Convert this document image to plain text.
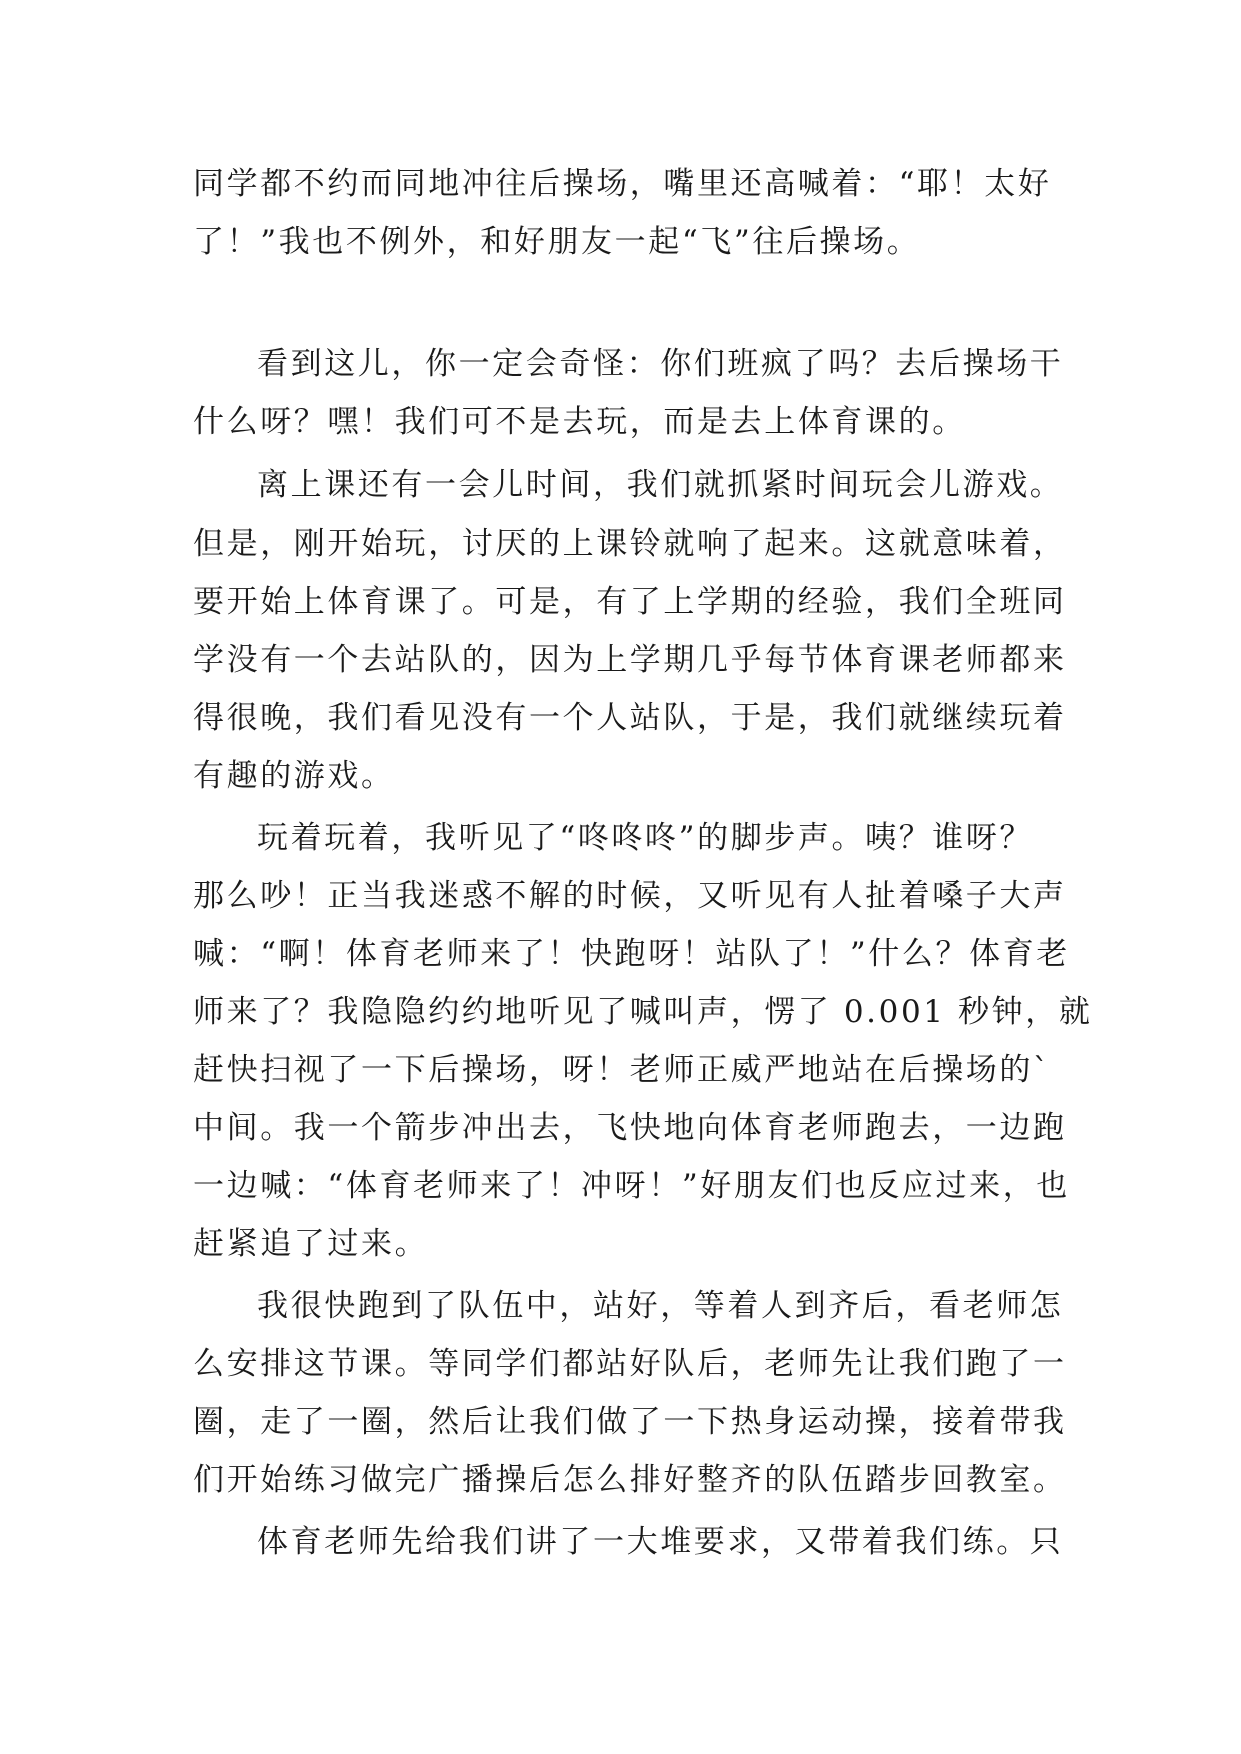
同学都不约而同地冲往后操场，嘴里还高喊着：“耶！太好
了！”我也不例外，和好朋友一起“飞”往后操场。
看到这儿，你一定会奇怪：你们班疯了吗？去后操场干
什么呀？嘿！我们可不是去玩，而是去上体育课的。
离上课还有一会儿时间，我们就抓紧时间玩会儿游戏。
但是，刚开始玩，讨厌的上课铃就响了起来。这就意味着，
要开始上体育课了。可是，有了上学期的经验，我们全班同
学没有一个去站队的，因为上学期几乎每节体育课老师都来
得很晚，我们看见没有一个人站队，于是，我们就继续玩着
有趣的游戏。
玩着玩着，我听见了“咚咚咚”的脚步声。咦？谁呀？
那么吵！正当我迷惑不解的时候，又听见有人扯着嗓子大声
喊：“啊！体育老师来了！快跑呀！站队了！”什么？体育老
师来了？我隐隐约约地听见了喊叫声，愣了 0.001 秒钟，就
赶快扫视了一下后操场，呀！老师正威严地站在后操场的`
中间。我一个箭步冲出去，飞快地向体育老师跑去，一边跑
一边喊：“体育老师来了！冲呀！”好朋友们也反应过来，也
赶紧追了过来。
我很快跑到了队伍中，站好，等着人到齐后，看老师怎
么安排这节课。等同学们都站好队后，老师先让我们跑了一
圈，走了一圈，然后让我们做了一下热身运动操，接着带我
们开始练习做完广播操后怎么排好整齐的队伍踏步回教室。
体育老师先给我们讲了一大堆要求，又带着我们练。只
